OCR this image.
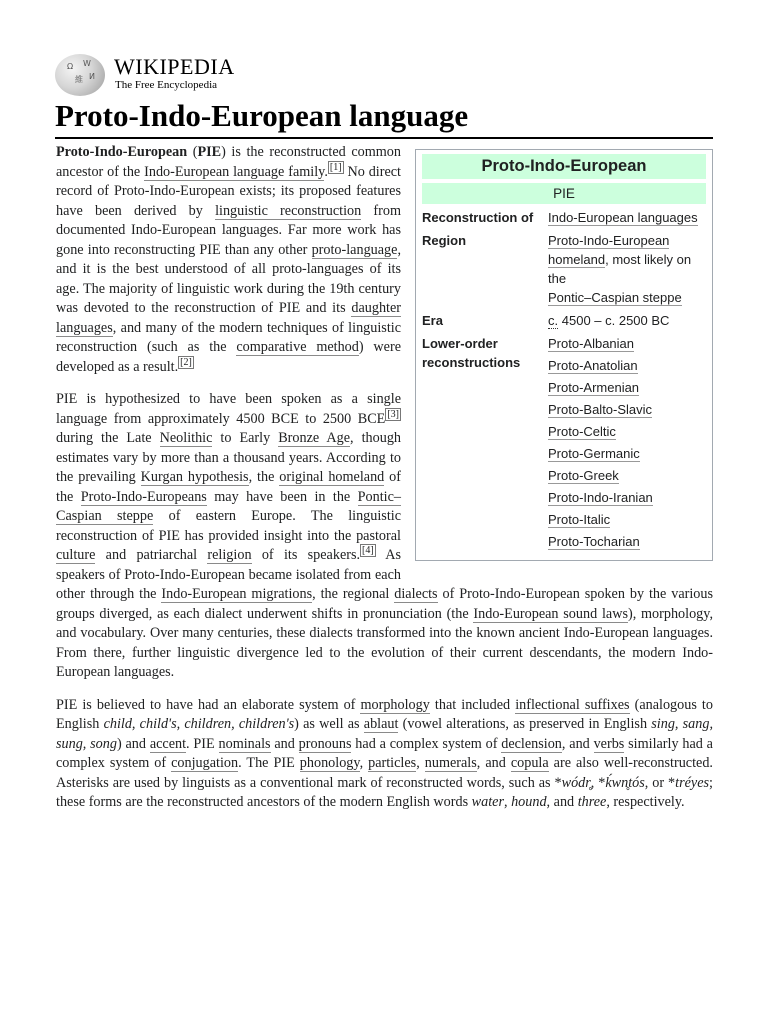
Ω W
維 И WIKIPEDIA
The Free Encyclopedia
Proto-Indo-European language
Proto-Indo-European
PIE
Reconstruction of	Indo-European languages
Region	Proto-Indo-European homeland, most likely on the
Pontic–Caspian steppe
Era	c. 4500 – c. 2500 BC
Lower-order reconstructions
Proto-Albanian
Proto-Anatolian
Proto-Armenian
Proto-Balto-Slavic
Proto-Celtic
Proto-Germanic
Proto-Greek
Proto-Indo-Iranian
Proto-Italic
Proto-Tocharian

Proto-Indo-European (PIE) is the reconstructed common ancestor of the Indo-European language family. [1] No direct record of Proto-Indo-European exists; its proposed features have been derived by linguistic reconstruction from documented Indo-European languages. Far more work has gone into reconstructing PIE than any other proto-language, and it is the best understood of all proto-languages of its age. The majority of linguistic work during the 19th century was devoted to the reconstruction of PIE and its daughter languages, and many of the modern techniques of linguistic reconstruction (such as the comparative method) were developed as a result. [2]

PIE is hypothesized to have been spoken as a single language from approximately 4500 BCE to 2500 BCE [3] during the Late Neolithic to Early Bronze Age, though estimates vary by more than a thousand years. According to the prevailing Kurgan hypothesis, the original homeland of the Proto-Indo-Europeans may have been in the Pontic–Caspian steppe of eastern Europe. The linguistic reconstruction of PIE has provided insight into the pastoral culture and patriarchal religion of its speakers. [4] As speakers of Proto-Indo-European became isolated from each other through the Indo-European migrations, the regional dialects of Proto-Indo-European spoken by the various groups diverged, as each dialect underwent shifts in pronunciation (the Indo-European sound laws), morphology, and vocabulary. Over many centuries, these dialects transformed into the known ancient Indo-European languages. From there, further linguistic divergence led to the evolution of their current descendants, the modern Indo-European languages.

PIE is believed to have had an elaborate system of morphology that included inflectional suffixes (analogous to English child, child's, children, children's) as well as ablaut (vowel alterations, as preserved in English sing, sang, sung, song) and accent. PIE nominals and pronouns had a complex system of declension, and verbs similarly had a complex system of conjugation. The PIE phonology, particles, numerals, and copula are also well-reconstructed. Asterisks are used by linguists as a conventional mark of reconstructed words, such as *wódr̥, *ḱwn̥tós, or *tréyes; these forms are the reconstructed ancestors of the modern English words water, hound, and three, respectively.
